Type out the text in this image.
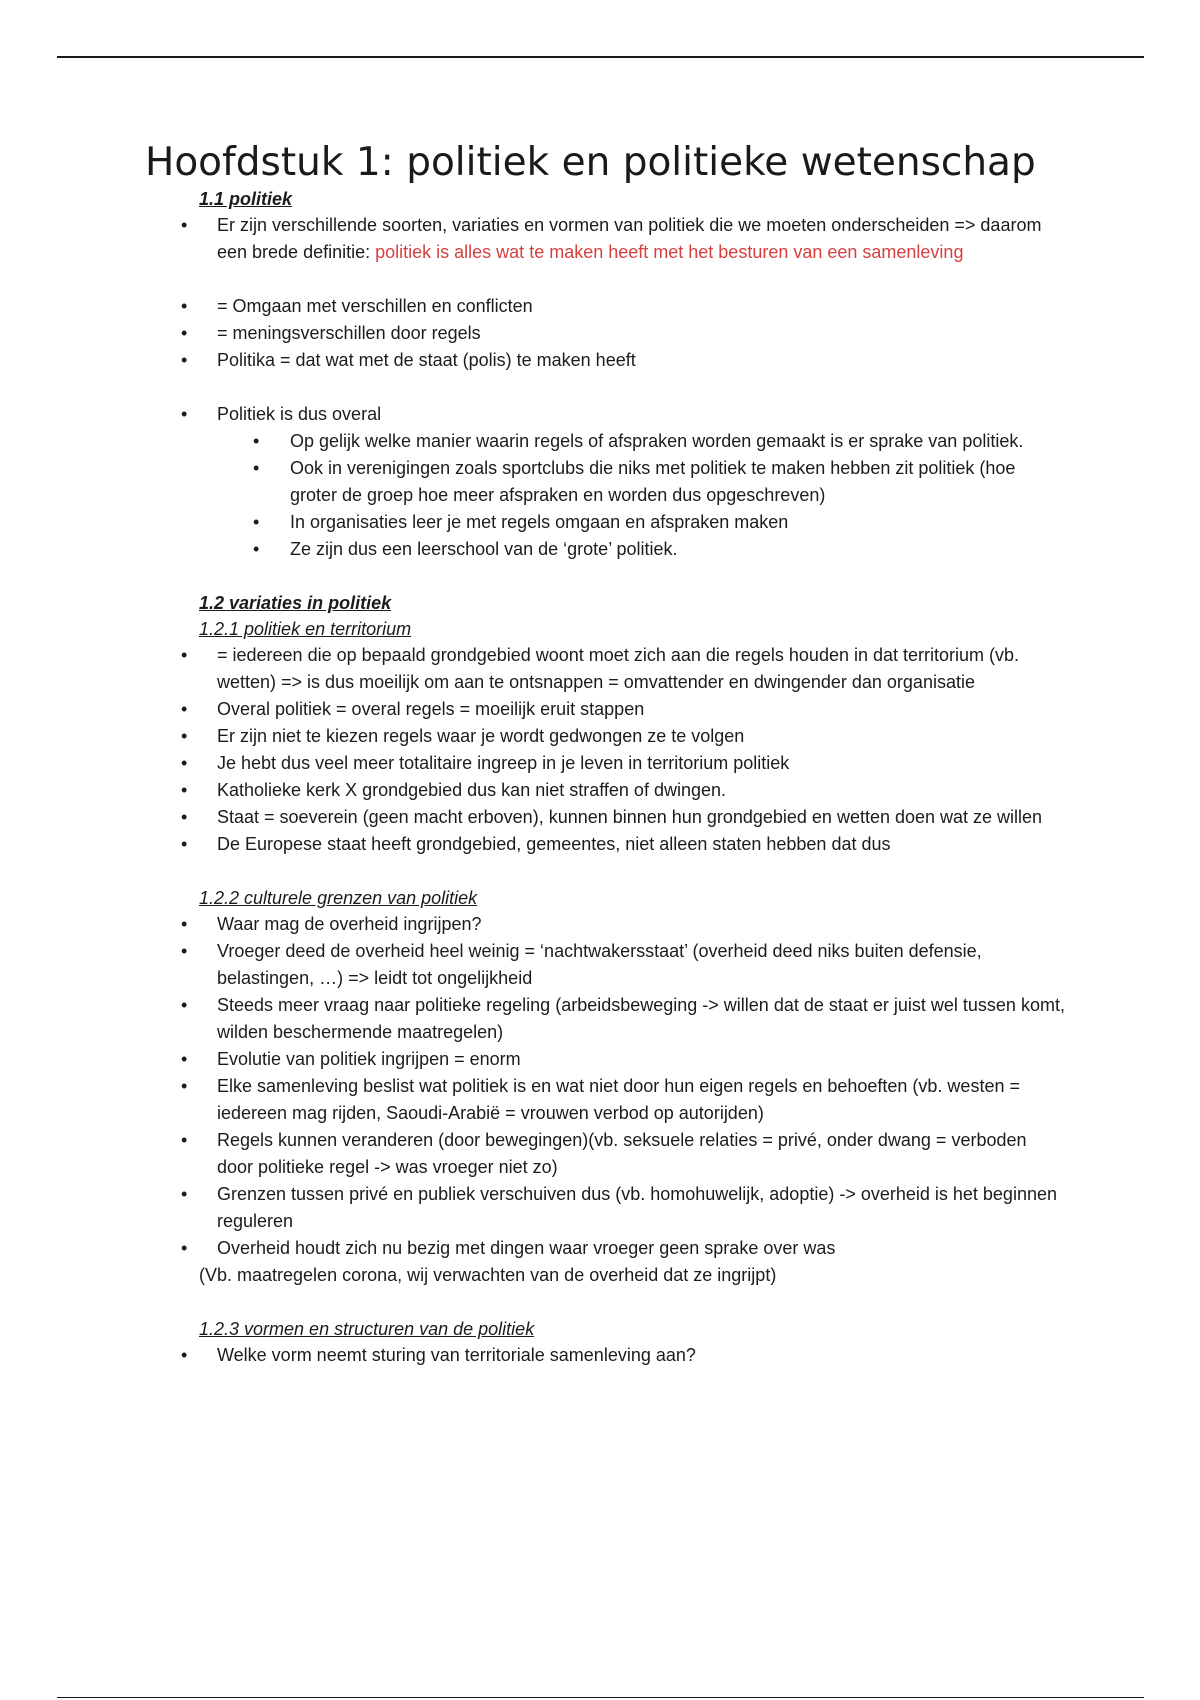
Hoofdstuk 1: politiek en politieke wetenschap
1.1 politiek
• Er zijn verschillende soorten, variaties en vormen van politiek die we moeten onderscheiden => daarom een brede definitie: politiek is alles wat te maken heeft met het besturen van een samenleving
• = Omgaan met verschillen en conflicten
• = meningsverschillen door regels
• Politika = dat wat met de staat (polis) te maken heeft
• Politiek is dus overal
• Op gelijk welke manier waarin regels of afspraken worden gemaakt is er sprake van politiek.
• Ook in verenigingen zoals sportclubs die niks met politiek te maken hebben zit politiek (hoe groter de groep hoe meer afspraken en worden dus opgeschreven)
• In organisaties leer je met regels omgaan en afspraken maken
• Ze zijn dus een leerschool van de ‘grote’ politiek.
1.2 variaties in politiek
1.2.1 politiek en territorium
• = iedereen die op bepaald grondgebied woont moet zich aan die regels houden in dat territorium (vb. wetten) => is dus moeilijk om aan te ontsnappen = omvattender en dwingender dan organisatie
• Overal politiek = overal regels = moeilijk eruit stappen
• Er zijn niet te kiezen regels waar je wordt gedwongen ze te volgen
• Je hebt dus veel meer totalitaire ingreep in je leven in territorium politiek
• Katholieke kerk X grondgebied dus kan niet straffen of dwingen.
• Staat = soeverein (geen macht erboven), kunnen binnen hun grondgebied en wetten doen wat ze willen
• De Europese staat heeft grondgebied, gemeentes, niet alleen staten hebben dat dus
1.2.2 culturele grenzen van politiek
• Waar mag de overheid ingrijpen?
• Vroeger deed de overheid heel weinig = ‘nachtwakersstaat’ (overheid deed niks buiten defensie, belastingen, …) => leidt tot ongelijkheid
• Steeds meer vraag naar politieke regeling (arbeidsbeweging -> willen dat de staat er juist wel tussen komt, wilden beschermende maatregelen)
• Evolutie van politiek ingrijpen = enorm
• Elke samenleving beslist wat politiek is en wat niet door hun eigen regels en behoeften (vb. westen = iedereen mag rijden, Saoudi-Arabië = vrouwen verbod op autorijden)
• Regels kunnen veranderen (door bewegingen)(vb. seksuele relaties = privé, onder dwang = verboden door politieke regel -> was vroeger niet zo)
• Grenzen tussen privé en publiek verschuiven dus (vb. homohuwelijk, adoptie) -> overheid is het beginnen reguleren
• Overheid houdt zich nu bezig met dingen waar vroeger geen sprake over was
(Vb. maatregelen corona, wij verwachten van de overheid dat ze ingrijpt)
1.2.3 vormen en structuren van de politiek
• Welke vorm neemt sturing van territoriale samenleving aan?
